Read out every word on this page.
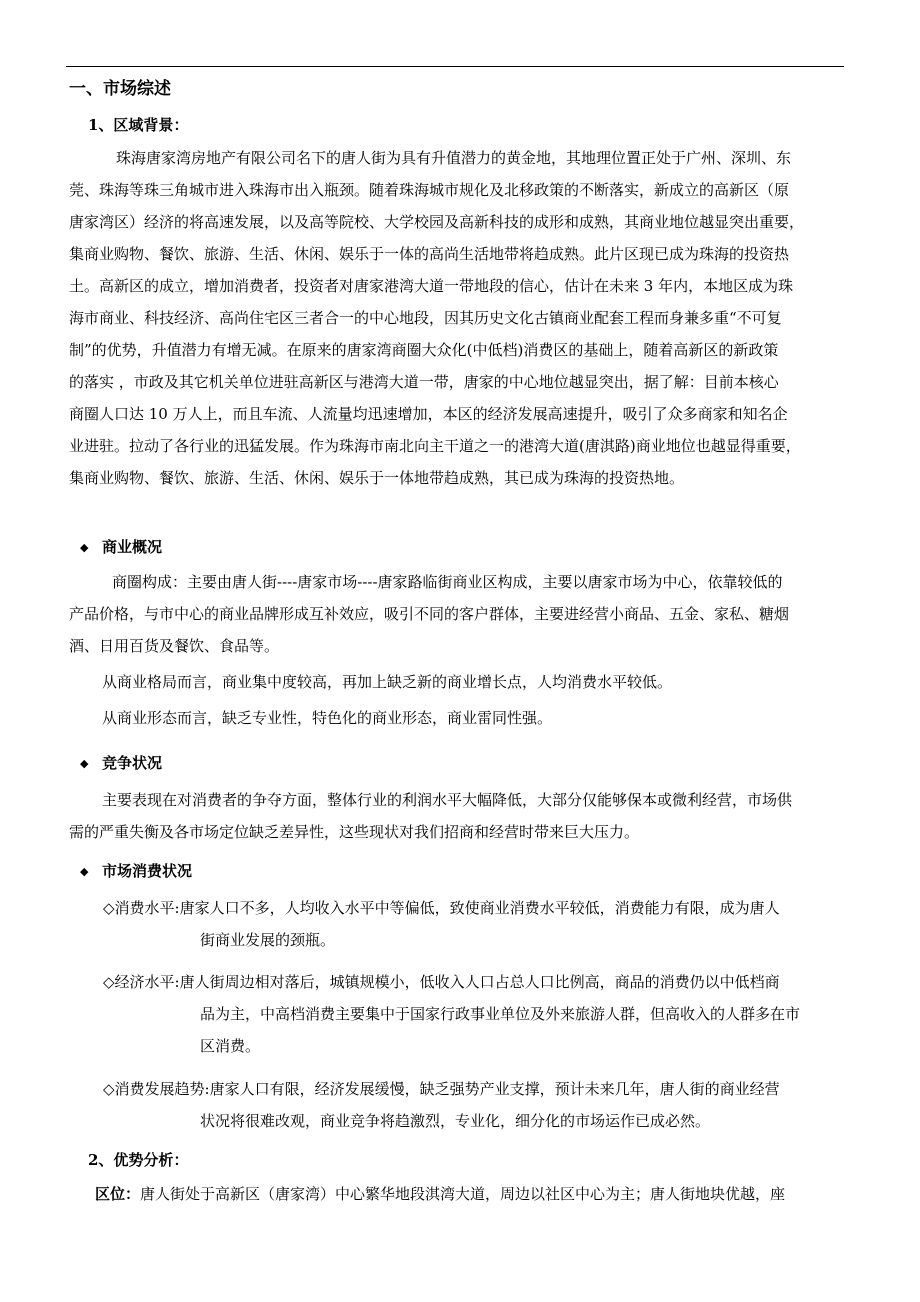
一、市场综述
1、区域背景：
珠海唐家湾房地产有限公司名下的唐人街为具有升值潜力的黄金地，其地理位置正处于广州、深圳、东
莞、珠海等珠三角城市进入珠海市出入瓶颈。随着珠海城市规化及北移政策的不断落实，新成立的高新区（原
唐家湾区）经济的将高速发展，以及高等院校、大学校园及高新科技的成形和成熟，其商业地位越显突出重要，
集商业购物、餐饮、旅游、生活、休闲、娱乐于一体的高尚生活地带将趋成熟。此片区现已成为珠海的投资热
土。高新区的成立，增加消费者，投资者对唐家港湾大道一带地段的信心，估计在未来 3 年内，本地区成为珠
海市商业、科技经济、高尚住宅区三者合一的中心地段，因其历史文化古镇商业配套工程而身兼多重“不可复
制”的优势，升值潜力有增无减。在原来的唐家湾商圈大众化(中低档)消费区的基础上，随着高新区的新政策
的落实 ，市政及其它机关单位进驻高新区与港湾大道一带，唐家的中心地位越显突出，据了解：目前本核心
商圈人口达 10 万人上，而且车流、人流量均迅速增加，本区的经济发展高速提升，吸引了众多商家和知名企
业进驻。拉动了各行业的迅猛发展。作为珠海市南北向主干道之一的港湾大道(唐淇路)商业地位也越显得重要，
集商业购物、餐饮、旅游、生活、休闲、娱乐于一体地带趋成熟，其已成为珠海的投资热地。
◆ 商业概况
商圈构成：主要由唐人街----唐家市场----唐家路临街商业区构成，主要以唐家市场为中心，依靠较低的
产品价格，与市中心的商业品牌形成互补效应，吸引不同的客户群体，主要进经营小商品、五金、家私、糖烟
酒、日用百货及餐饮、食品等。
从商业格局而言，商业集中度较高，再加上缺乏新的商业增长点，人均消费水平较低。
从商业形态而言，缺乏专业性，特色化的商业形态，商业雷同性强。
◆ 竞争状况
主要表现在对消费者的争夺方面，整体行业的利润水平大幅降低，大部分仅能够保本或微利经营，市场供
需的严重失衡及各市场定位缺乏差异性，这些现状对我们招商和经营时带来巨大压力。
◆ 市场消费状况
◇消费水平:唐家人口不多，人均收入水平中等偏低，致使商业消费水平较低，消费能力有限，成为唐人
街商业发展的颈瓶。
◇经济水平:唐人街周边相对落后，城镇规模小，低收入人口占总人口比例高，商品的消费仍以中低档商
品为主，中高档消费主要集中于国家行政事业单位及外来旅游人群，但高收入的人群多在市
区消费。
◇消费发展趋势:唐家人口有限，经济发展缓慢，缺乏强势产业支撑，预计未来几年，唐人街的商业经营
状况将很难改观，商业竞争将趋激烈，专业化，细分化的市场运作已成必然。
2、优势分析：
区位：唐人街处于高新区（唐家湾）中心繁华地段淇湾大道，周边以社区中心为主；唐人街地块优越，座
